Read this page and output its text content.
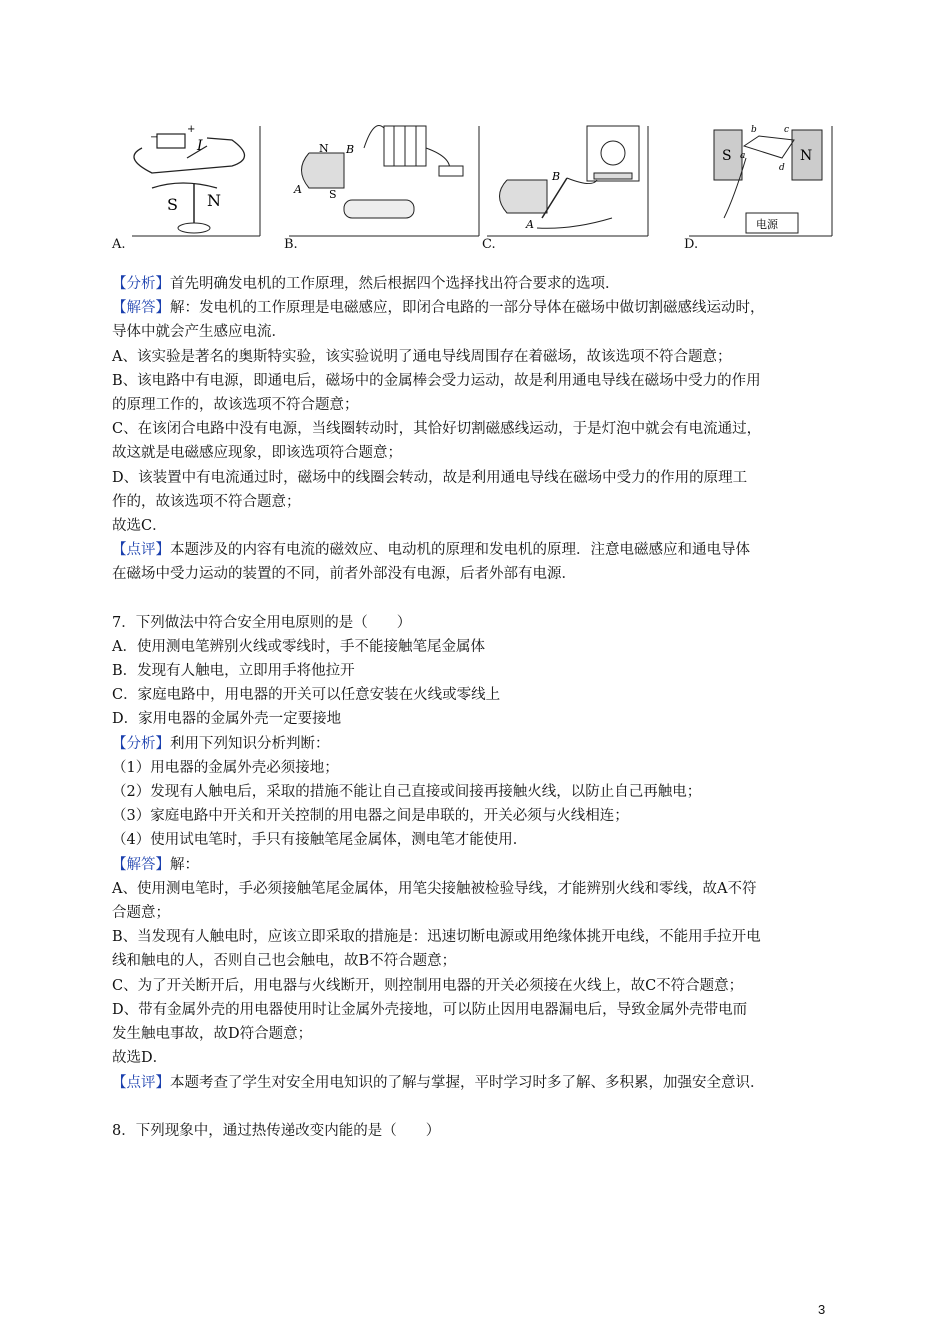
A.
−
+
I
S N
B.
N
S
B
A
C.
B
A
D.
S	N
b	c
a
d
电源

【分析】首先明确发电机的工作原理，然后根据四个选择找出符合要求的选项．

【解答】解：发电机的工作原理是电磁感应，即闭合电路的一部分导体在磁场中做切割磁感线运动时，

导体中就会产生感应电流．

A、该实验是著名的奥斯特实验，该实验说明了通电导线周围存在着磁场，故该选项不符合题意；

B、该电路中有电源，即通电后，磁场中的金属棒会受力运动，故是利用通电导线在磁场中受力的作用

的原理工作的，故该选项不符合题意；

C、在该闭合电路中没有电源，当线圈转动时，其恰好切割磁感线运动，于是灯泡中就会有电流通过，

故这就是电磁感应现象，即该选项符合题意；

D、该装置中有电流通过时，磁场中的线圈会转动，故是利用通电导线在磁场中受力的作用的原理工

作的，故该选项不符合题意；

故选C．

【点评】本题涉及的内容有电流的磁效应、电动机的原理和发电机的原理．注意电磁感应和通电导体

在磁场中受力运动的装置的不同，前者外部没有电源，后者外部有电源．

7．下列做法中符合安全用电原则的是（　　）

A．使用测电笔辨别火线或零线时，手不能接触笔尾金属体

B．发现有人触电，立即用手将他拉开

C．家庭电路中，用电器的开关可以任意安装在火线或零线上

D．家用电器的金属外壳一定要接地

【分析】利用下列知识分析判断：

（1）用电器的金属外壳必须接地；

（2）发现有人触电后，采取的措施不能让自己直接或间接再接触火线，以防止自己再触电；

（3）家庭电路中开关和开关控制的用电器之间是串联的，开关必须与火线相连；

（4）使用试电笔时，手只有接触笔尾金属体，测电笔才能使用．

【解答】解：

A、使用测电笔时，手必须接触笔尾金属体，用笔尖接触被检验导线，才能辨别火线和零线，故A不符

合题意；

B、当发现有人触电时，应该立即采取的措施是：迅速切断电源或用绝缘体挑开电线，不能用手拉开电

线和触电的人，否则自己也会触电，故B不符合题意；

C、为了开关断开后，用电器与火线断开，则控制用电器的开关必须接在火线上，故C不符合题意；

D、带有金属外壳的用电器使用时让金属外壳接地，可以防止因用电器漏电后，导致金属外壳带电而

发生触电事故，故D符合题意；

故选D．

【点评】本题考查了学生对安全用电知识的了解与掌握，平时学习时多了解、多积累，加强安全意识．

8．下列现象中，通过热传递改变内能的是（　　）

3
